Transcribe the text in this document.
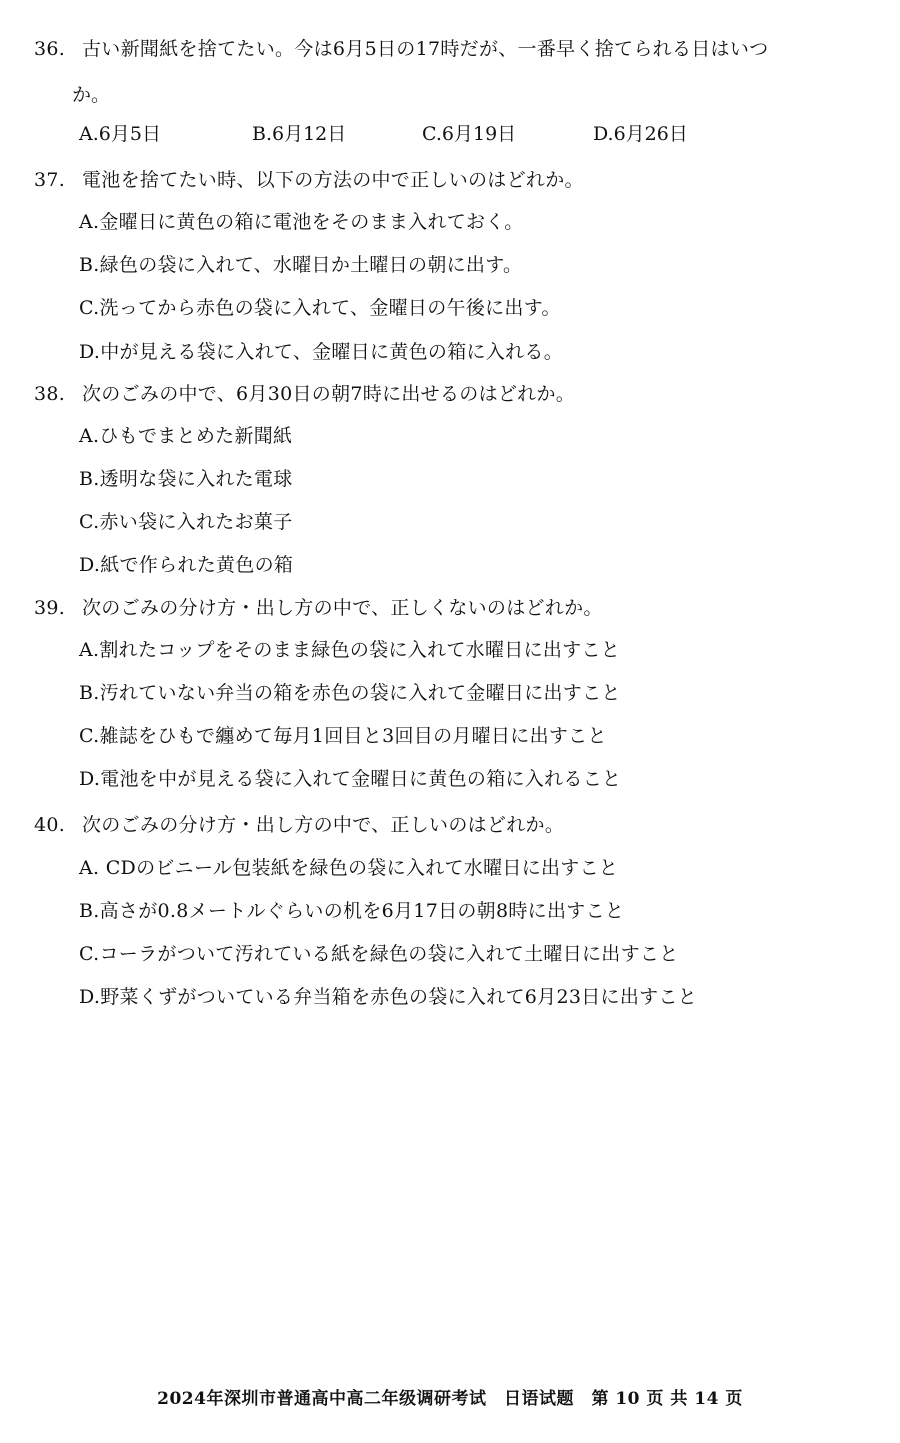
36. 古い新聞紙を捨てたい。今は6月5日の17時だが、一番早く捨てられる日はいつ
か。
A.6月5日	B.6月12日	C.6月19日	D.6月26日
37. 電池を捨てたい時、以下の方法の中で正しいのはどれか。
A.金曜日に黄色の箱に電池をそのまま入れておく。
B.緑色の袋に入れて、水曜日か土曜日の朝に出す。
C.洗ってから赤色の袋に入れて、金曜日の午後に出す。
D.中が見える袋に入れて、金曜日に黄色の箱に入れる。
38. 次のごみの中で、6月30日の朝7時に出せるのはどれか。
A.ひもでまとめた新聞紙
B.透明な袋に入れた電球
C.赤い袋に入れたお菓子
D.紙で作られた黄色の箱
39. 次のごみの分け方・出し方の中で、正しくないのはどれか。
A.割れたコップをそのまま緑色の袋に入れて水曜日に出すこと
B.汚れていない弁当の箱を赤色の袋に入れて金曜日に出すこと
C.雑誌をひもで纏めて毎月1回目と3回目の月曜日に出すこと
D.電池を中が見える袋に入れて金曜日に黄色の箱に入れること
40. 次のごみの分け方・出し方の中で、正しいのはどれか。
A. CDのビニール包装紙を緑色の袋に入れて水曜日に出すこと
B.高さが0.8メートルぐらいの机を6月17日の朝8時に出すこと
C.コーラがついて汚れている紙を緑色の袋に入れて土曜日に出すこと
D.野菜くずがついている弁当箱を赤色の袋に入れて6月23日に出すこと
2024年深圳市普通高中高二年级调研考试　日语试题　第 10 页 共 14 页
